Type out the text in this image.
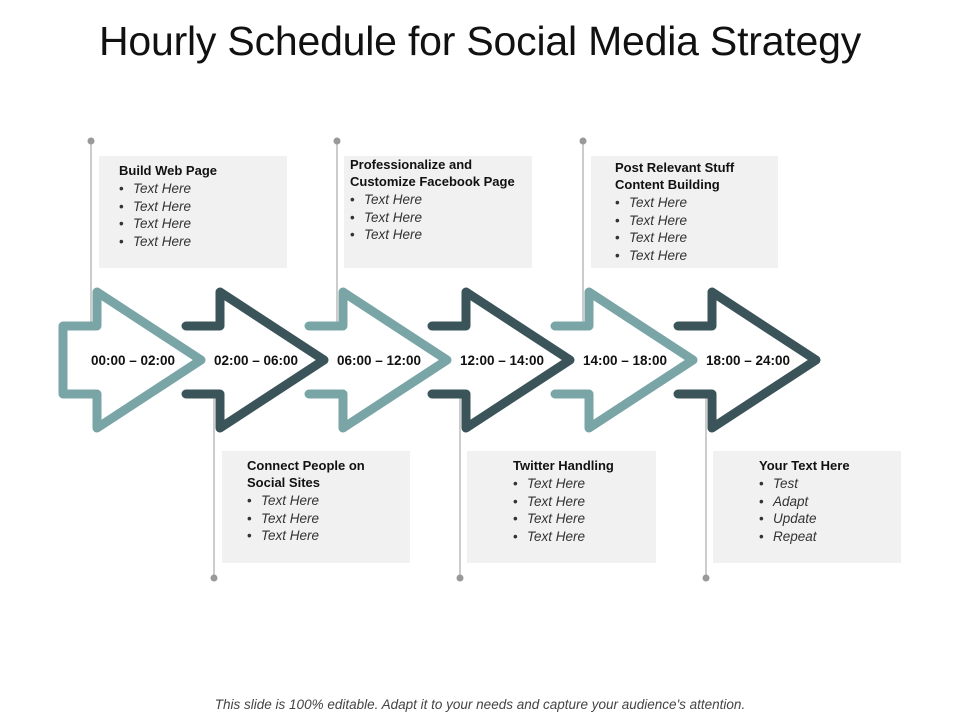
Hourly Schedule for Social Media Strategy
00:00 – 02:00	02:00 – 06:00	06:00 – 12:00	12:00 – 14:00	14:00 – 18:00	18:00 – 24:00
Build Web Page
• Text Here
• Text Here
• Text Here
• Text Here
Professionalize and Customize Facebook Page
• Text Here
• Text Here
• Text Here
Post Relevant Stuff Content Building
• Text Here
• Text Here
• Text Here
• Text Here
Connect People on Social Sites
• Text Here
• Text Here
• Text Here
Twitter Handling
• Text Here
• Text Here
• Text Here
• Text Here
Your Text Here
• Test
• Adapt
• Update
• Repeat
This slide is 100% editable. Adapt it to your needs and capture your audience's attention.
